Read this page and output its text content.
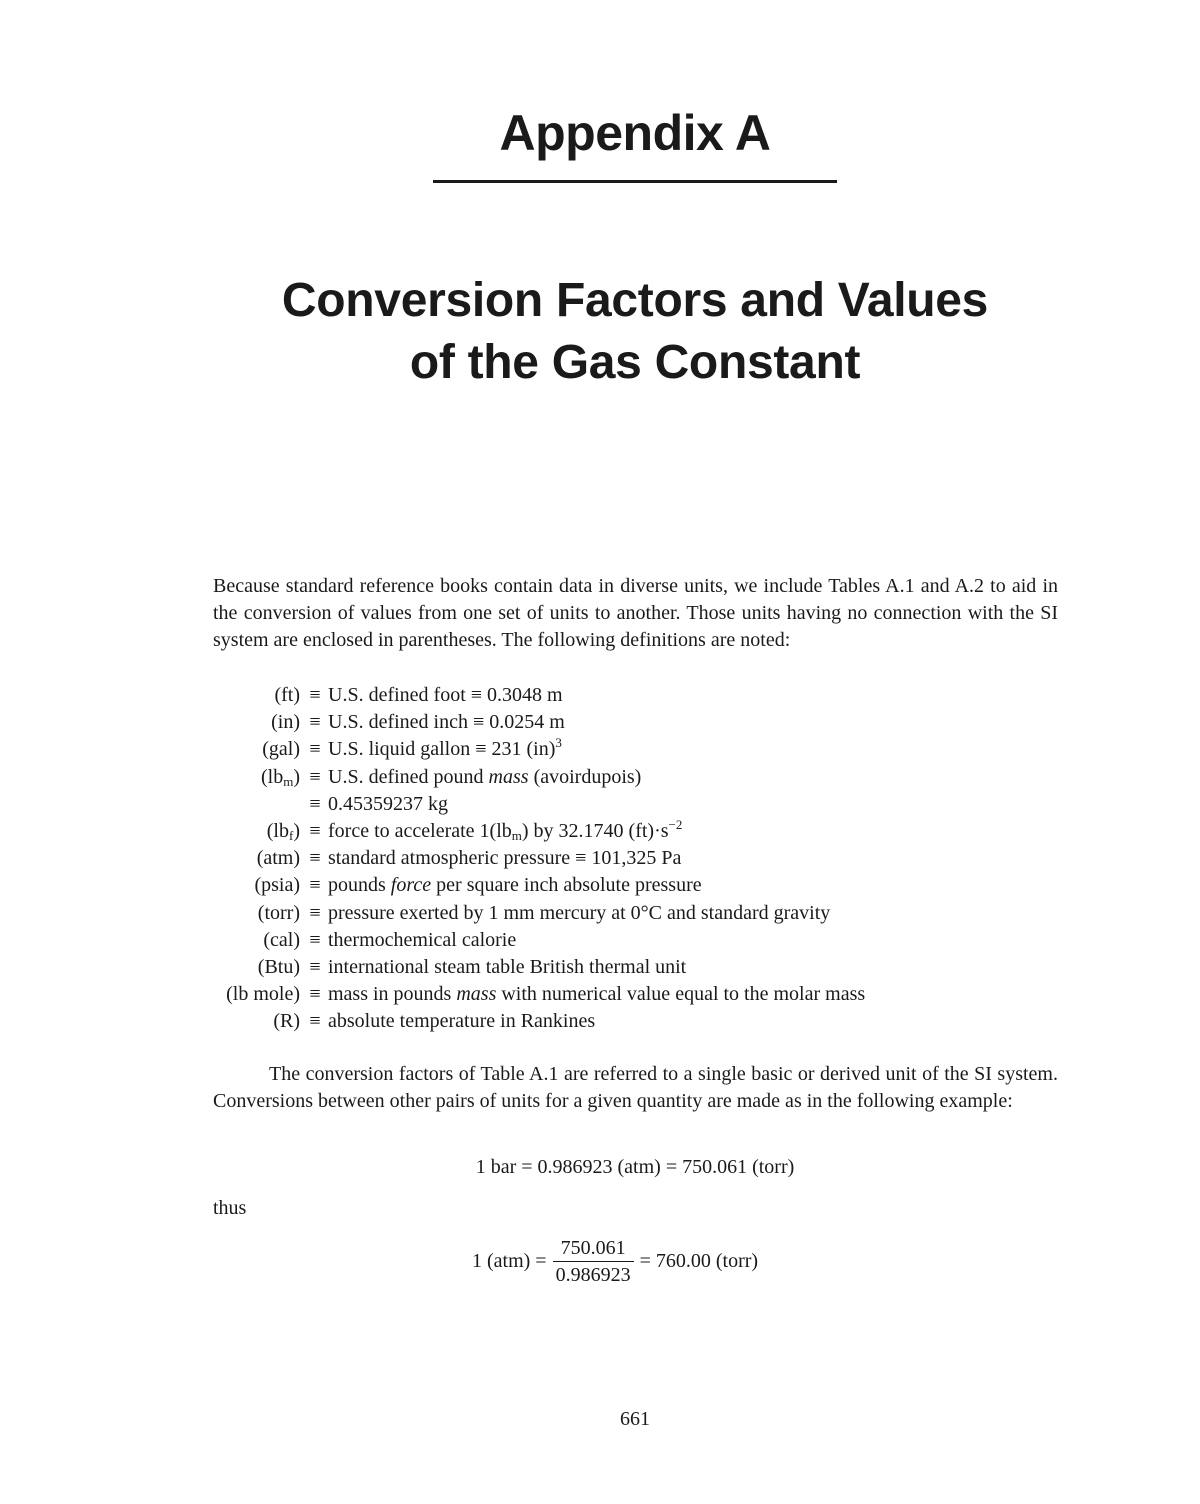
Appendix A
Conversion Factors and Values
of the Gas Constant
Because standard reference books contain data in diverse units, we include Tables A.1 and A.2 to aid in the conversion of values from one set of units to another. Those units having no connection with the SI system are enclosed in parentheses. The following definitions are noted:
(ft) ≡ U.S. defined foot ≡ 0.3048 m
(in) ≡ U.S. defined inch ≡ 0.0254 m
(gal) ≡ U.S. liquid gallon ≡ 231 (in)$^3$
$(lb_m) \equiv U.S$. defined pound mass (avoirdupois)
≡ 0.45359237 kg
$(lb_f)$ ≡ force to accelerate $1(lb_m)$ by 32.1740 $(ft)\cdot s^{-2}$
(atm) ≡ standard atmospheric pressure ≡ 101,325 Pa
(psia) ≡ pounds force per square inch absolute pressure
(torr) ≡ pressure exerted by 1 mm mercury at 0°C and standard gravity
(cal) ≡ thermochemical calorie
(Btu) ≡ international steam table British thermal unit
(lb mole) ≡ mass in pounds mass with numerical value equal to the molar mass
(R) ≡ absolute temperature in Rankines
The conversion factors of Table A.1 are referred to a single basic or derived unit of the SI system. Conversions between other pairs of units for a given quantity are made as in the following example:
1 bar = 0.986923 (atm) = 750.061 (torr)
thus
1 $(atm) = \frac{750.061}{0.986923} = 760.00$ (torr)
661
